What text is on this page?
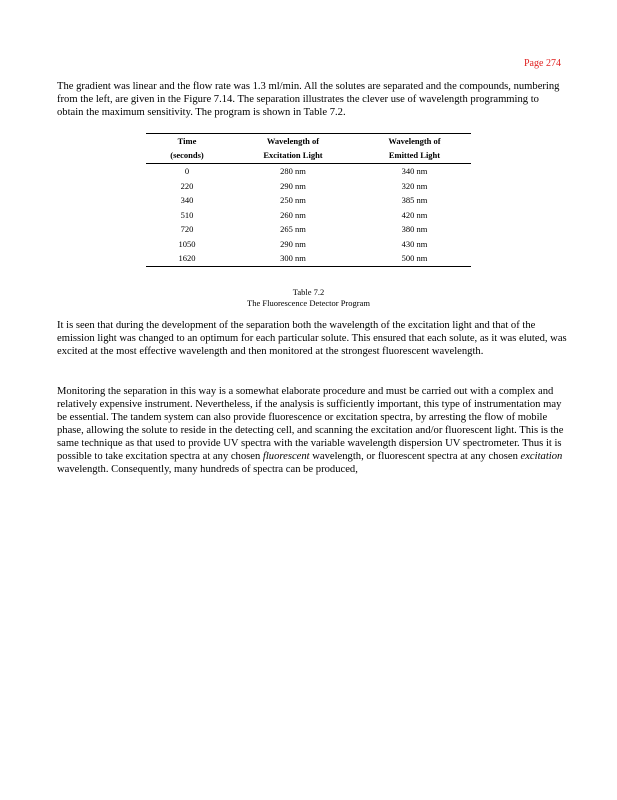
Page 274

The gradient was linear and the flow rate was 1.3 ml/min. All the solutes are separated and the compounds, numbering from the left, are given in the Figure 7.14. The separation illustrates the clever use of wavelength programming to obtain the maximum sensitivity. The program is shown in Table 7.2.

Time	Wavelength of	Wavelength of
(seconds)	Excitation Light	Emitted Light
0	280 nm	340 nm
220	290 nm	320 nm
340	250 nm	385 nm
510	260 nm	420 nm
720	265 nm	380 nm
1050	290 nm	430 nm
1620	300 nm	500 nm
Table 7.2
The Fluorescence Detector Program

It is seen that during the development of the separation both the wavelength of the excitation light and that of the emission light was changed to an optimum for each particular solute. This ensured that each solute, as it was eluted, was excited at the most effective wavelength and then monitored at the strongest fluorescent wavelength.

Monitoring the separation in this way is a somewhat elaborate procedure and must be carried out with a complex and relatively expensive instrument. Nevertheless, if the analysis is sufficiently important, this type of instrumentation may be essential. The tandem system can also provide fluorescence or excitation spectra, by arresting the flow of mobile phase, allowing the solute to reside in the detecting cell, and scanning the excitation and/or fluorescent light. This is the same technique as that used to provide UV spectra with the variable wavelength dispersion UV spectrometer. Thus it is possible to take excitation spectra at any chosen fluorescent wavelength, or fluorescent spectra at any chosen excitation wavelength. Consequently, many hundreds of spectra can be produced,
